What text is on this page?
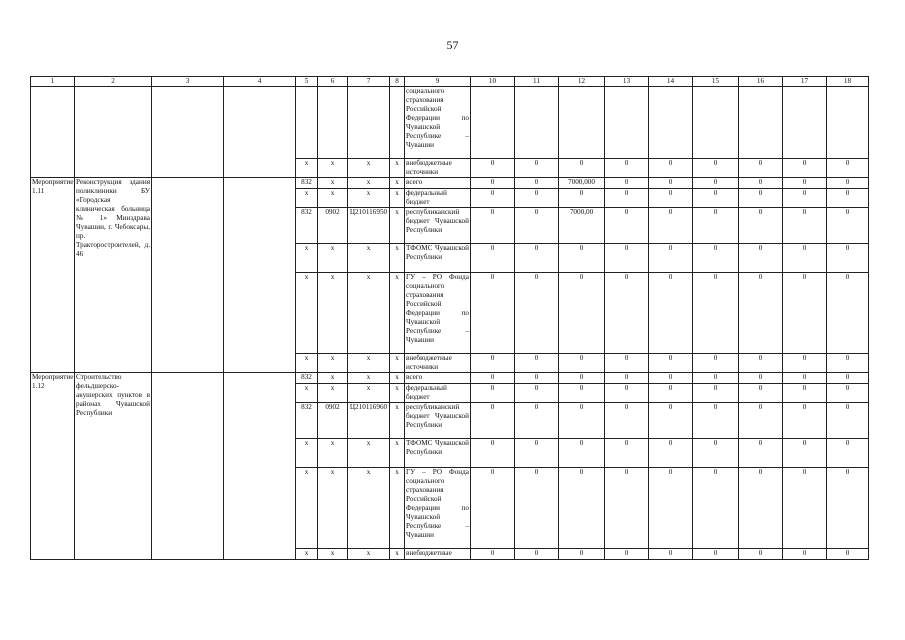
57
1	2	3	4	5	6	7	8	9	10	11	12	13	14	15	16	17	18
								социального страхования Российской Федерации по Чувашской Республике – Чувашии									
				x	x	x	x	внебюджетные источники	0	0	0	0	0	0	0	0	0
Мероприятие 1.11	Реконструкция здания поликлиники БУ «Городская клиническая больница № 1» Минздрава Чувашии, г. Чебоксары, пр. Тракторостроителей, д. 46			832	x	x	x	всего	0	0	7000,000	0	0	0	0	0	0
				x	x	x	x	федеральный бюджет	0	0	0	0	0	0	0	0	0
				832	0902	Ц210116950	x	республиканский бюджет Чувашской Республики	0	0	7000,00	0	0	0	0	0	0
				x	x	x	x	ТФОМС Чувашской Республики	0	0	0	0	0	0	0	0	0
				x	x	x	x	ГУ – РО Фонда социального страхования Российской Федерации по Чувашской Республике – Чувашии	0	0	0	0	0	0	0	0	0
				x	x	x	x	внебюджетные источники	0	0	0	0	0	0	0	0	0
Мероприятие 1.12	Строительство фельдшерско-акушерских пунктов в районах Чувашской Республики			832	x	x	x	всего	0	0	0	0	0	0	0	0	0
				x	x	x	x	федеральный бюджет	0	0	0	0	0	0	0	0	0
				832	0902	Ц210116960	x	республиканский бюджет Чувашской Республики	0	0	0	0	0	0	0	0	0
				x	x	x	x	ТФОМС Чувашской Республики	0	0	0	0	0	0	0	0	0
				x	x	x	x	ГУ – РО Фонда социального страхования Российской Федерации по Чувашской Республике – Чувашии	0	0	0	0	0	0	0	0	0
				x	x	x	x	внебюджетные	0	0	0	0	0	0	0	0	0
